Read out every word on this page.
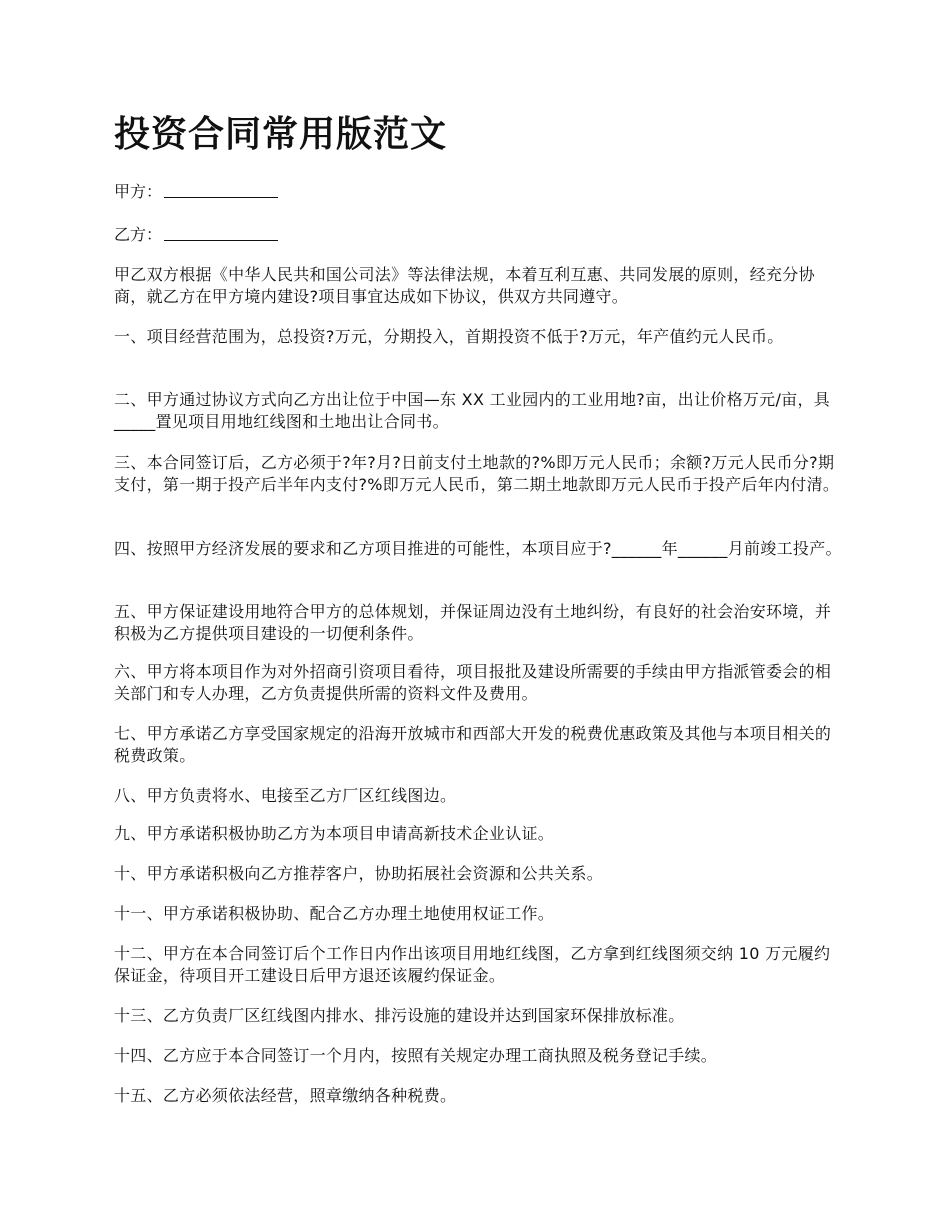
投资合同常用版范文
甲方：
乙方：

甲乙双方根据《中华人民共和国公司法》等法律法规，本着互利互惠、共同发展的原则，经充分协商，就乙方在甲方境内建设?项目事宜达成如下协议，供双方共同遵守。

一、项目经营范围为，总投资?万元，分期投入，首期投资不低于?万元，年产值约元人民币。

二、甲方通过协议方式向乙方出让位于中国—东 XX 工业园内的工业用地?亩，出让价格万元/亩，具_____置见项目用地红线图和土地出让合同书。

三、本合同签订后，乙方必须于?年?月?日前支付土地款的?%即万元人民币；余额?万元人民币分?期支付，第一期于投产后半年内支付?%即万元人民币，第二期土地款即万元人民币于投产后年内付清。

四、按照甲方经济发展的要求和乙方项目推进的可能性，本项目应于?______年______月前竣工投产。

五、甲方保证建设用地符合甲方的总体规划，并保证周边没有土地纠纷，有良好的社会治安环境，并积极为乙方提供项目建设的一切便利条件。

六、甲方将本项目作为对外招商引资项目看待，项目报批及建设所需要的手续由甲方指派管委会的相关部门和专人办理，乙方负责提供所需的资料文件及费用。

七、甲方承诺乙方享受国家规定的沿海开放城市和西部大开发的税费优惠政策及其他与本项目相关的税费政策。

八、甲方负责将水、电接至乙方厂区红线图边。

九、甲方承诺积极协助乙方为本项目申请高新技术企业认证。

十、甲方承诺积极向乙方推荐客户，协助拓展社会资源和公共关系。

十一、甲方承诺积极协助、配合乙方办理土地使用权证工作。

十二、甲方在本合同签订后个工作日内作出该项目用地红线图，乙方拿到红线图须交纳 10 万元履约保证金，待项目开工建设日后甲方退还该履约保证金。

十三、乙方负责厂区红线图内排水、排污设施的建设并达到国家环保排放标准。

十四、乙方应于本合同签订一个月内，按照有关规定办理工商执照及税务登记手续。

十五、乙方必须依法经营，照章缴纳各种税费。
